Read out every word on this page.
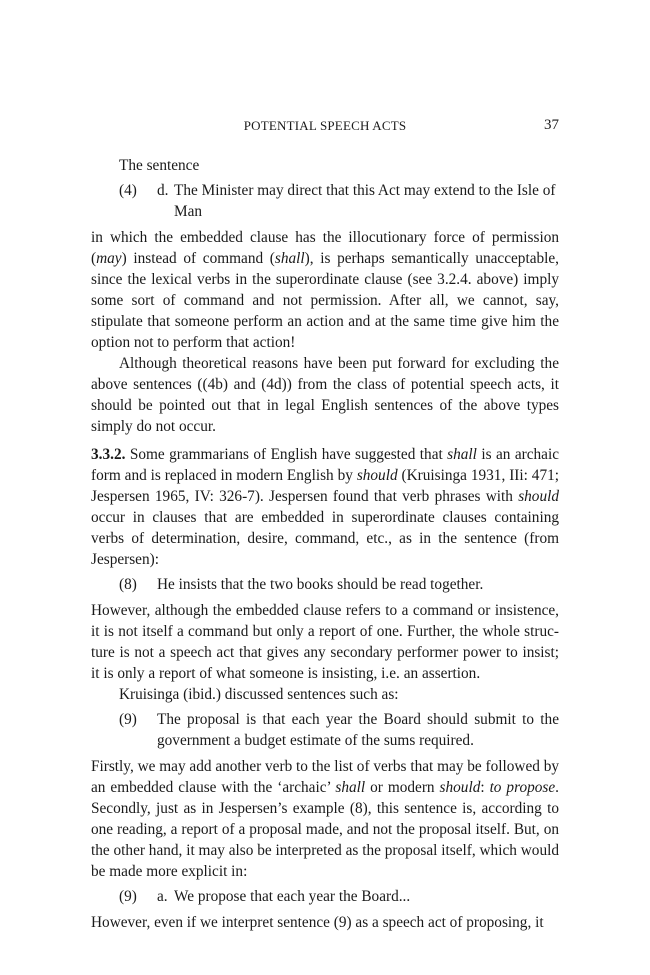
POTENTIAL SPEECH ACTS	37

The sentence

(4) d. The Minister may direct that this Act may extend to the Isle of
Man

in which the embedded clause has the illocutionary force of permission (may) instead of command (shall), is perhaps semantically unacceptable, since the lexical verbs in the superordinate clause (see 3.2.4. above) imply some sort of command and not permission. After all, we cannot, say, stipulate that someone perform an action and at the same time give him the option not to perform that action!

Although theoretical reasons have been put forward for excluding the above sentences ((4b) and (4d)) from the class of potential speech acts, it should be pointed out that in legal English sentences of the above types simply do not occur.

3.3.2. Some grammarians of English have suggested that shall is an archaic form and is replaced in modern English by should (Kruisinga 1931, IIi: 471; Jespersen 1965, IV: 326-7). Jespersen found that verb phrases with should occur in clauses that are embedded in superordinate clauses containing verbs of determination, desire, command, etc., as in the sentence (from Jespersen):

(8) He insists that the two books should be read together.

However, although the embedded clause refers to a command or insistence, it is not itself a command but only a report of one. Further, the whole structure is not a speech act that gives any secondary performer power to insist; it is only a report of what someone is insisting, i.e. an assertion.

Kruisinga (ibid.) discussed sentences such as:

(9) The proposal is that each year the Board should submit to the government a budget estimate of the sums required.

Firstly, we may add another verb to the list of verbs that may be followed by an embedded clause with the ‘archaic’ shall or modern should: to propose. Secondly, just as in Jespersen’s example (8), this sentence is, according to one reading, a report of a proposal made, and not the proposal itself. But, on the other hand, it may also be interpreted as the proposal itself, which would be made more explicit in:

(9) a. We propose that each year the Board...

However, even if we interpret sentence (9) as a speech act of proposing, it
